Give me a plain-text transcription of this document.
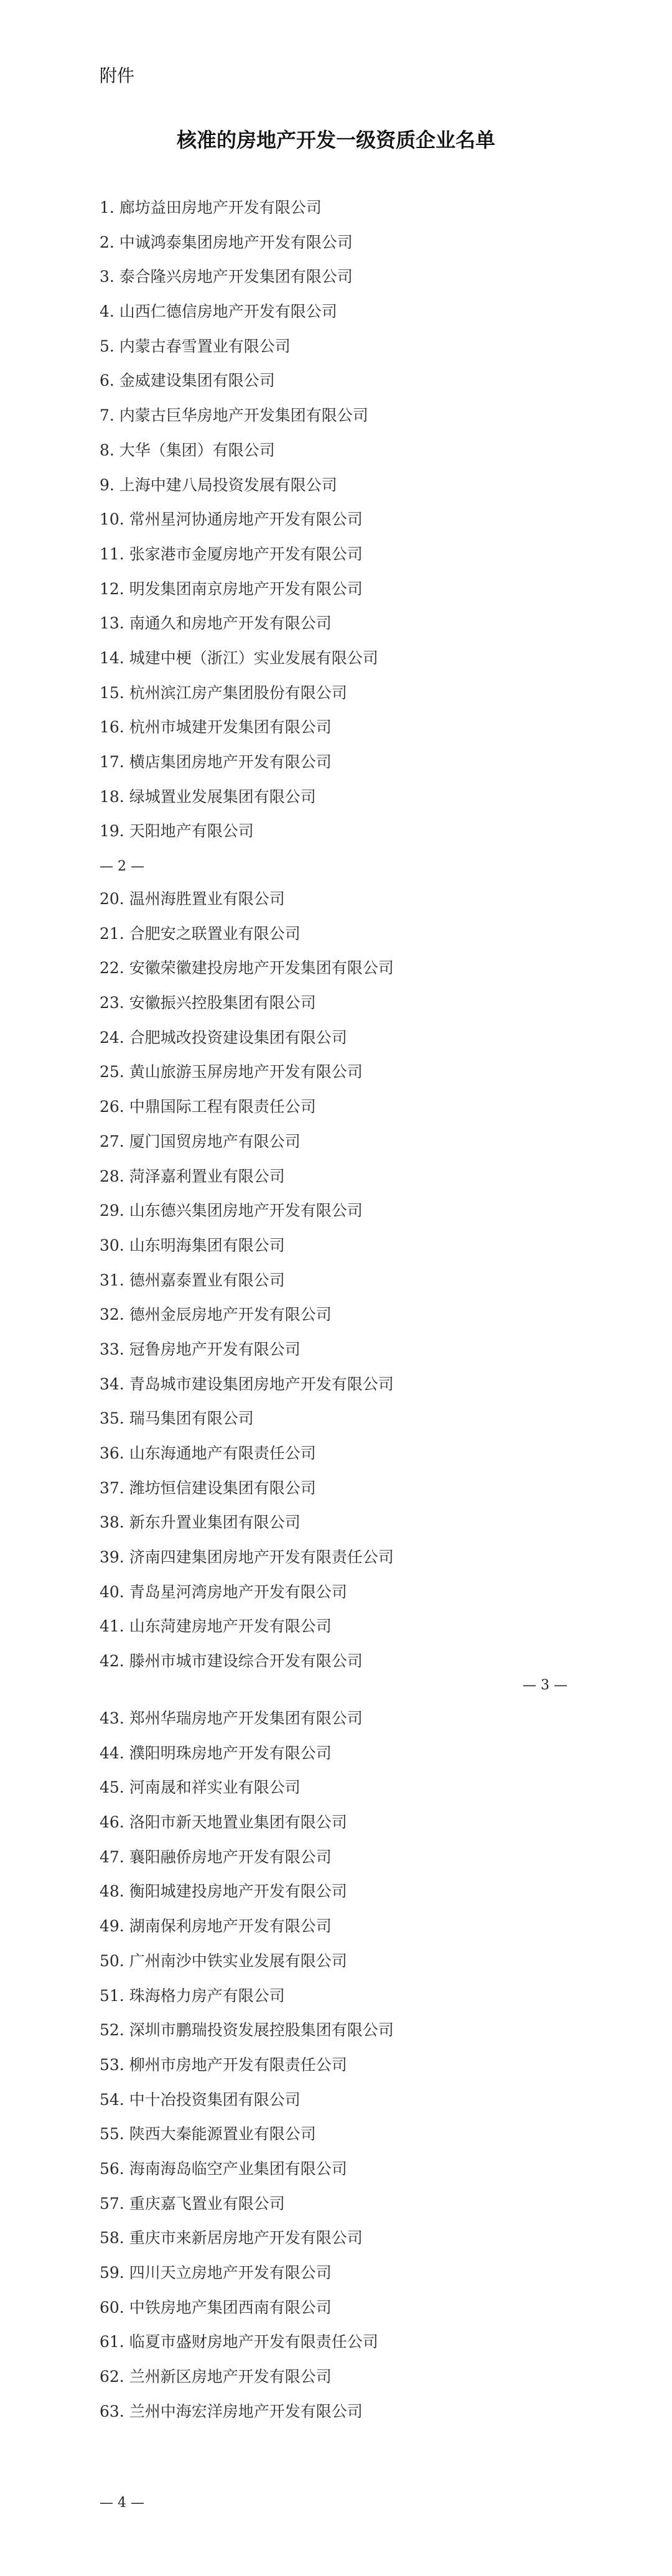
附件
核准的房地产开发一级资质企业名单
1. 廊坊益田房地产开发有限公司
2. 中诚鸿泰集团房地产开发有限公司
3. 泰合隆兴房地产开发集团有限公司
4. 山西仁德信房地产开发有限公司
5. 内蒙古春雪置业有限公司
6. 金威建设集团有限公司
7. 内蒙古巨华房地产开发集团有限公司
8. 大华（集团）有限公司
9. 上海中建八局投资发展有限公司
10. 常州星河协通房地产开发有限公司
11. 张家港市金厦房地产开发有限公司
12. 明发集团南京房地产开发有限公司
13. 南通久和房地产开发有限公司
14. 城建中梗（浙江）实业发展有限公司
15. 杭州滨江房产集团股份有限公司
16. 杭州市城建开发集团有限公司
17. 横店集团房地产开发有限公司
18. 绿城置业发展集团有限公司
19. 天阳地产有限公司
— 2 —
20. 温州海胜置业有限公司
21. 合肥安之联置业有限公司
22. 安徽荣徽建投房地产开发集团有限公司
23. 安徽振兴控股集团有限公司
24. 合肥城改投资建设集团有限公司
25. 黄山旅游玉屏房地产开发有限公司
26. 中鼎国际工程有限责任公司
27. 厦门国贸房地产有限公司
28. 菏泽嘉利置业有限公司
29. 山东德兴集团房地产开发有限公司
30. 山东明海集团有限公司
31. 德州嘉泰置业有限公司
32. 德州金辰房地产开发有限公司
33. 冠鲁房地产开发有限公司
34. 青岛城市建设集团房地产开发有限公司
35. 瑞马集团有限公司
36. 山东海通地产有限责任公司
37. 潍坊恒信建设集团有限公司
38. 新东升置业集团有限公司
39. 济南四建集团房地产开发有限责任公司
40. 青岛星河湾房地产开发有限公司
41. 山东菏建房地产开发有限公司
42. 滕州市城市建设综合开发有限公司
— 3 —
43. 郑州华瑞房地产开发集团有限公司
44. 濮阳明珠房地产开发有限公司
45. 河南晟和祥实业有限公司
46. 洛阳市新天地置业集团有限公司
47. 襄阳融侨房地产开发有限公司
48. 衡阳城建投房地产开发有限公司
49. 湖南保利房地产开发有限公司
50. 广州南沙中铁实业发展有限公司
51. 珠海格力房产有限公司
52. 深圳市鹏瑞投资发展控股集团有限公司
53. 柳州市房地产开发有限责任公司
54. 中十冶投资集团有限公司
55. 陕西大秦能源置业有限公司
56. 海南海岛临空产业集团有限公司
57. 重庆嘉飞置业有限公司
58. 重庆市来新居房地产开发有限公司
59. 四川天立房地产开发有限公司
60. 中铁房地产集团西南有限公司
61. 临夏市盛财房地产开发有限责任公司
62. 兰州新区房地产开发有限公司
63. 兰州中海宏洋房地产开发有限公司
— 4 —
